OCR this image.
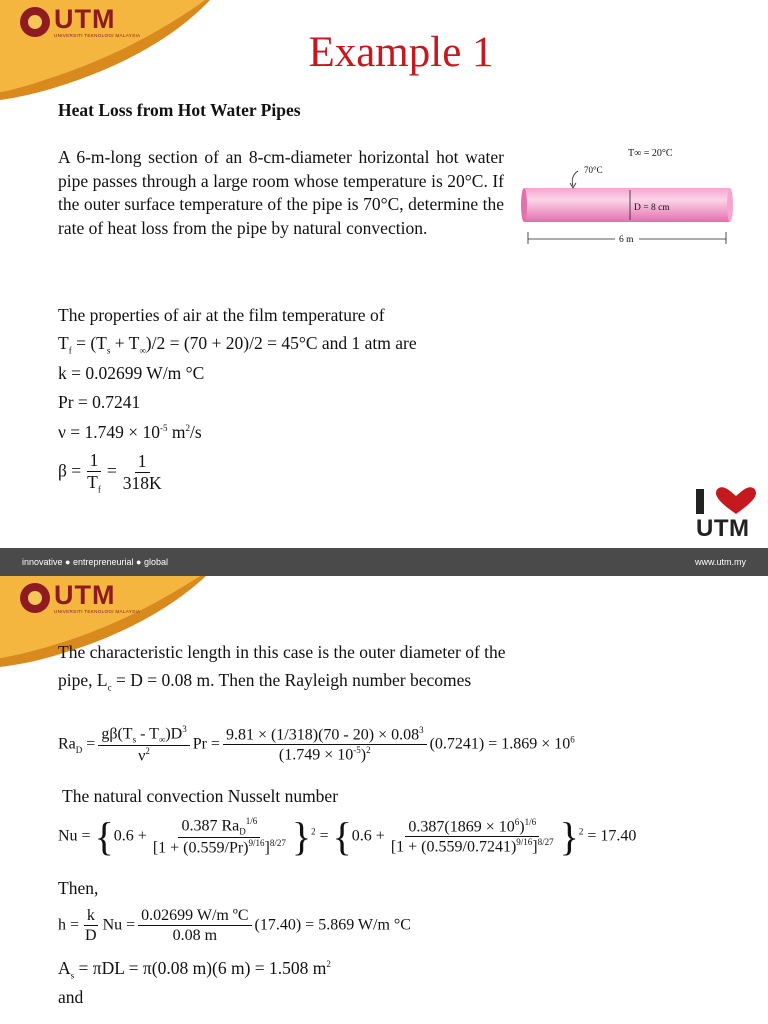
UTM
UNIVERSITI TEKNOLOGI MALAYSIA	Example 1
Heat Loss from Hot Water Pipes
A 6-m-long section of an 8-cm-diameter horizontal hot water pipe passes through a large room whose temperature is 20°C. If the outer surface temperature of the pipe is 70°C, determine the rate of heat loss from the pipe by natural convection.
T∞ = 20°C
70°C
D = 8 cm
6 m
The properties of air at the film temperature of
$T_f = (T_s + T_\infty)/2 = (70 + 20)/2 = 45^\circ C$ and 1 atm are
k = 0.02699 W/m °C
Pr = 0.7241
$\nu = 1.749 \times 10^{-5}$ $m^2/s$
$\beta = \frac{1}{T_f} = \frac{1}{318K}$
UTM
innovative ● entrepreneurial ● global	www.utm.my
UTM
UNIVERSITI TEKNOLOGI MALAYSIA
The characteristic length in this case is the outer diameter of the
pipe, $L_c = D = 0.08$ m. Then the Rayleigh number becomes
$Ra_D = \frac{g\beta(T_s - T_\infty)D^3}{\nu^2}$ $Pr = \frac{9.81 \times (1/318)(70 - 20) \times 0.08^3}{(1.749 \times 10^{-5})^2} (0.7241) = 1.869 \times 10^6$
The natural convection Nusselt number
$Nu = \{0.6 + \frac{0.387 Ra_D^{1/6}}{[1 + (0.559/Pr)^{9/16}]^{8/27}} \}^2 = \{0.6 + \frac{0.387(1869 \times 10^6)^{1/6}}{[1 + (0.559/0.7241)^{9/16}]^{8/27}} \}^2 = 17.40$
Then,
$h = \frac{k}{D}$ $Nu = \frac{\text{0.02699 W/m ºC}}{0.08 m} (17.40) = 5.869$ W/m °C
$A_s = \pi DL = \pi(0.08$ m)(6 m) = 1.508 $m^2$
and
